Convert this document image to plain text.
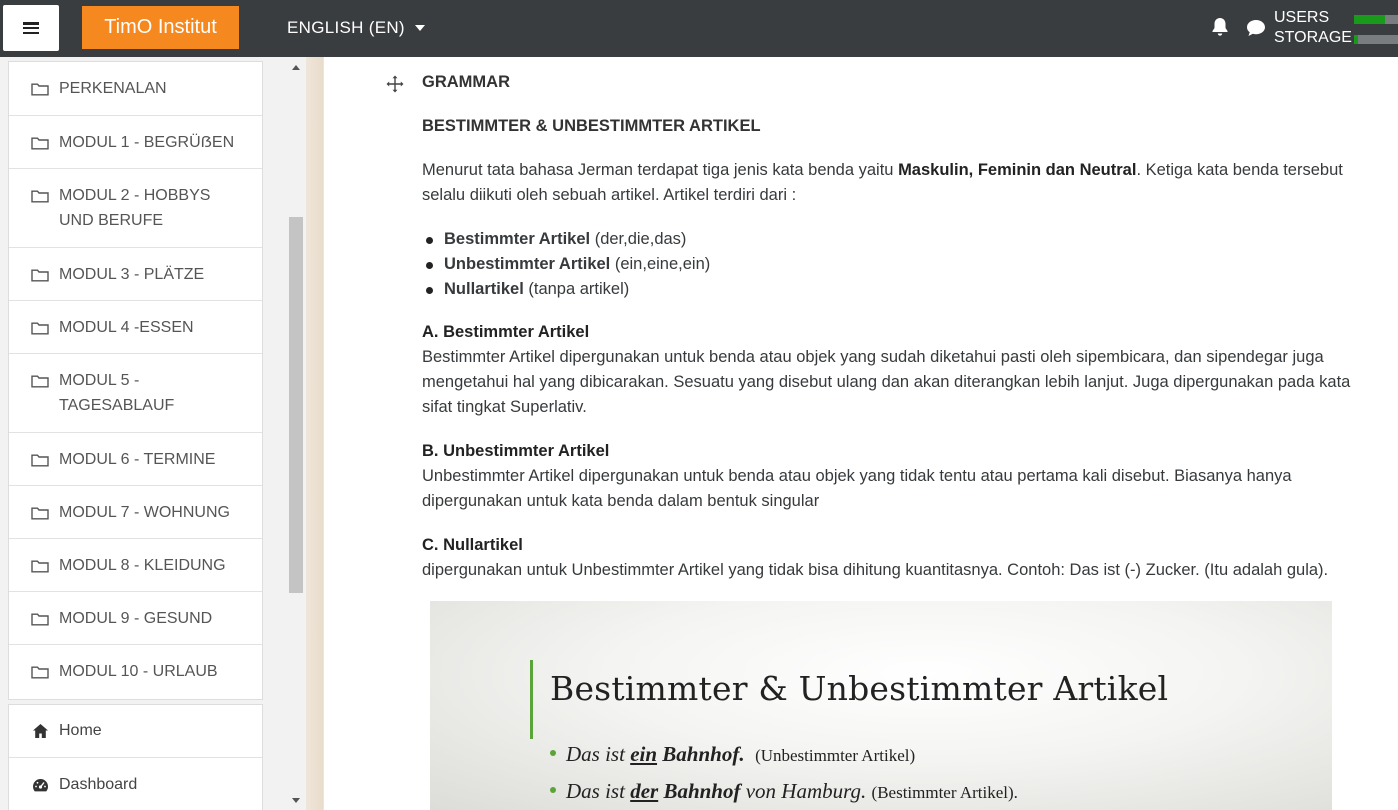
TimO Institut	ENGLISH (EN)
USERS
STORAGE
PERKENALAN
MODUL 1 - BEGRÜẞEN
MODUL 2 - HOBBYS UND BERUFE
MODUL 3 - PLÄTZE
MODUL 4 -ESSEN
MODUL 5 - TAGESABLAUF
MODUL 6 - TERMINE
MODUL 7 - WOHNUNG
MODUL 8 - KLEIDUNG
MODUL 9 - GESUND
MODUL 10 - URLAUB
Home
Dashboard
GRAMMAR
BESTIMMTER & UNBESTIMMTER ARTIKEL
Menurut tata bahasa Jerman terdapat tiga jenis kata benda yaitu Maskulin, Feminin dan Neutral. Ketiga kata benda tersebut selalu diikuti oleh sebuah artikel. Artikel terdiri dari :
Bestimmter Artikel (der,die,das)
Unbestimmter Artikel (ein,eine,ein)
Nullartikel (tanpa artikel)
A. Bestimmter Artikel
Bestimmter Artikel dipergunakan untuk benda atau objek yang sudah diketahui pasti oleh sipembicara, dan sipendegar juga mengetahui hal yang dibicarakan. Sesuatu yang disebut ulang dan akan diterangkan lebih lanjut. Juga dipergunakan pada kata sifat tingkat Superlativ.
B. Unbestimmter Artikel
Unbestimmter Artikel dipergunakan untuk benda atau objek yang tidak tentu atau pertama kali disebut. Biasanya hanya dipergunakan untuk kata benda dalam bentuk singular
C. Nullartikel
dipergunakan untuk Unbestimmter Artikel yang tidak bisa dihitung kuantitasnya. Contoh: Das ist (-) Zucker. (Itu adalah gula).
Bestimmter & Unbestimmter Artikel
Das ist ein Bahnhof. (Unbestimmter Artikel)
Das ist der Bahnhof von Hamburg. (Bestimmter Artikel).
